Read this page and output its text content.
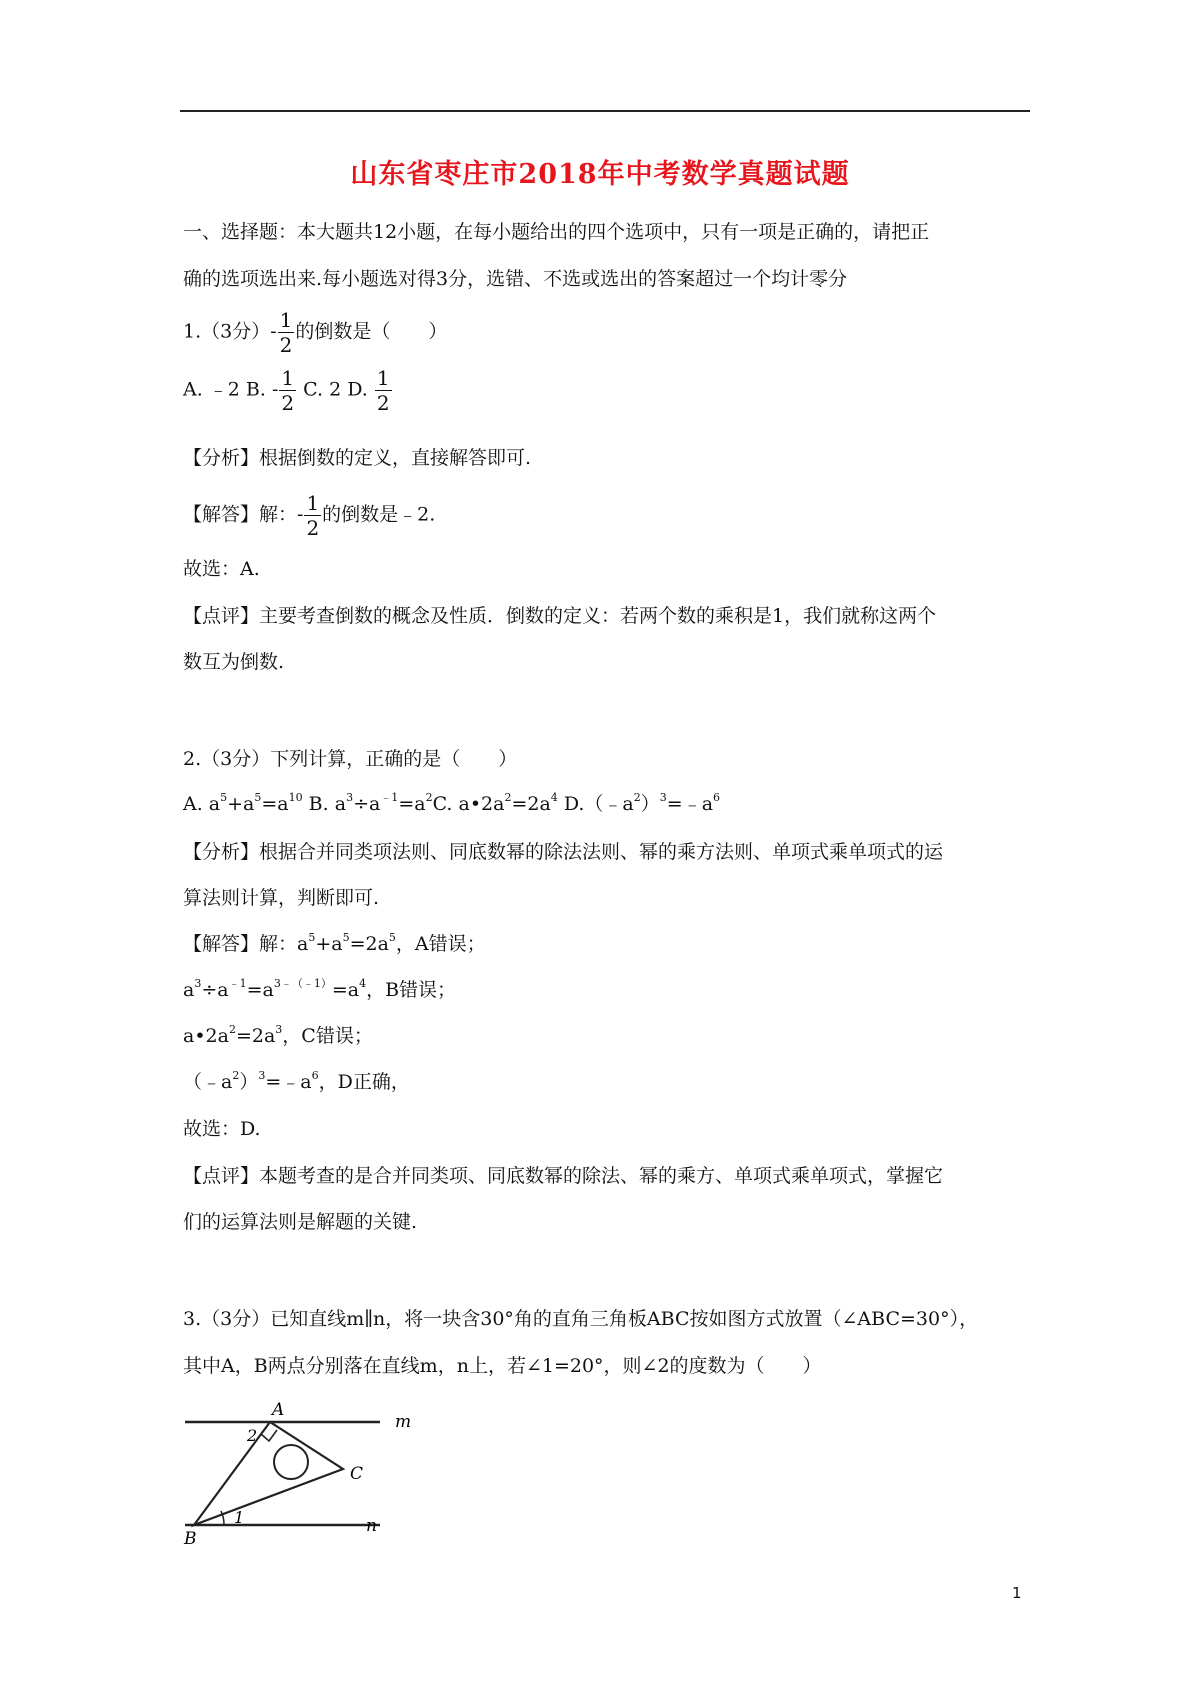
山东省枣庄市2018年中考数学真题试题
一、选择题：本大题共12小题，在每小题给出的四个选项中，只有一项是正确的，请把正
确的选项选出来.每小题选对得3分，选错、不选或选出的答案超过一个均计零分
1.（3分）- $\frac{1}{2}$ 的倒数是（　　）
A. ﹣2 B. - $\frac{1}{2} C$. 2 D. $\frac{1}{2}$
【分析】根据倒数的定义，直接解答即可.
【解答】解：- $\frac{1}{2}$ 的倒数是﹣2.
故选：A.
【点评】主要考查倒数的概念及性质．倒数的定义：若两个数的乘积是1，我们就称这两个
数互为倒数.
2.（3分）下列计算，正确的是（　　）
A. $a^5+a^5=a^{10}$ B. $a^3\div a^{﹣1}=a^2C$. $a•2a^2=2a^4$ $D.(﹣a^2)^3=﹣a^6$
【分析】根据合并同类项法则、同底数幂的除法法则、幂的乘方法则、单项式乘单项式的运
算法则计算，判断即可.
【解答】解：$a^5+a^5=2a^5$，A错误；
$a^3\div a^{﹣1}=a^{3﹣(﹣1)}=a^4$，B错误；
$a•2a^2=2a^3$，C错误；
$(﹣a^2)^3=﹣a^6$，D正确，
故选：D.
【点评】本题考查的是合并同类项、同底数幂的除法、幂的乘方、单项式乘单项式，掌握它
们的运算法则是解题的关键.
3.（3分）已知直线m∥n，将一块含30°角的直角三角板ABC按如图方式放置（∠ABC=30°），
其中A，B两点分别落在直线m，n上，若∠1=20°，则∠2的度数为（　　）
A
B
C
m
n
1
2
1
